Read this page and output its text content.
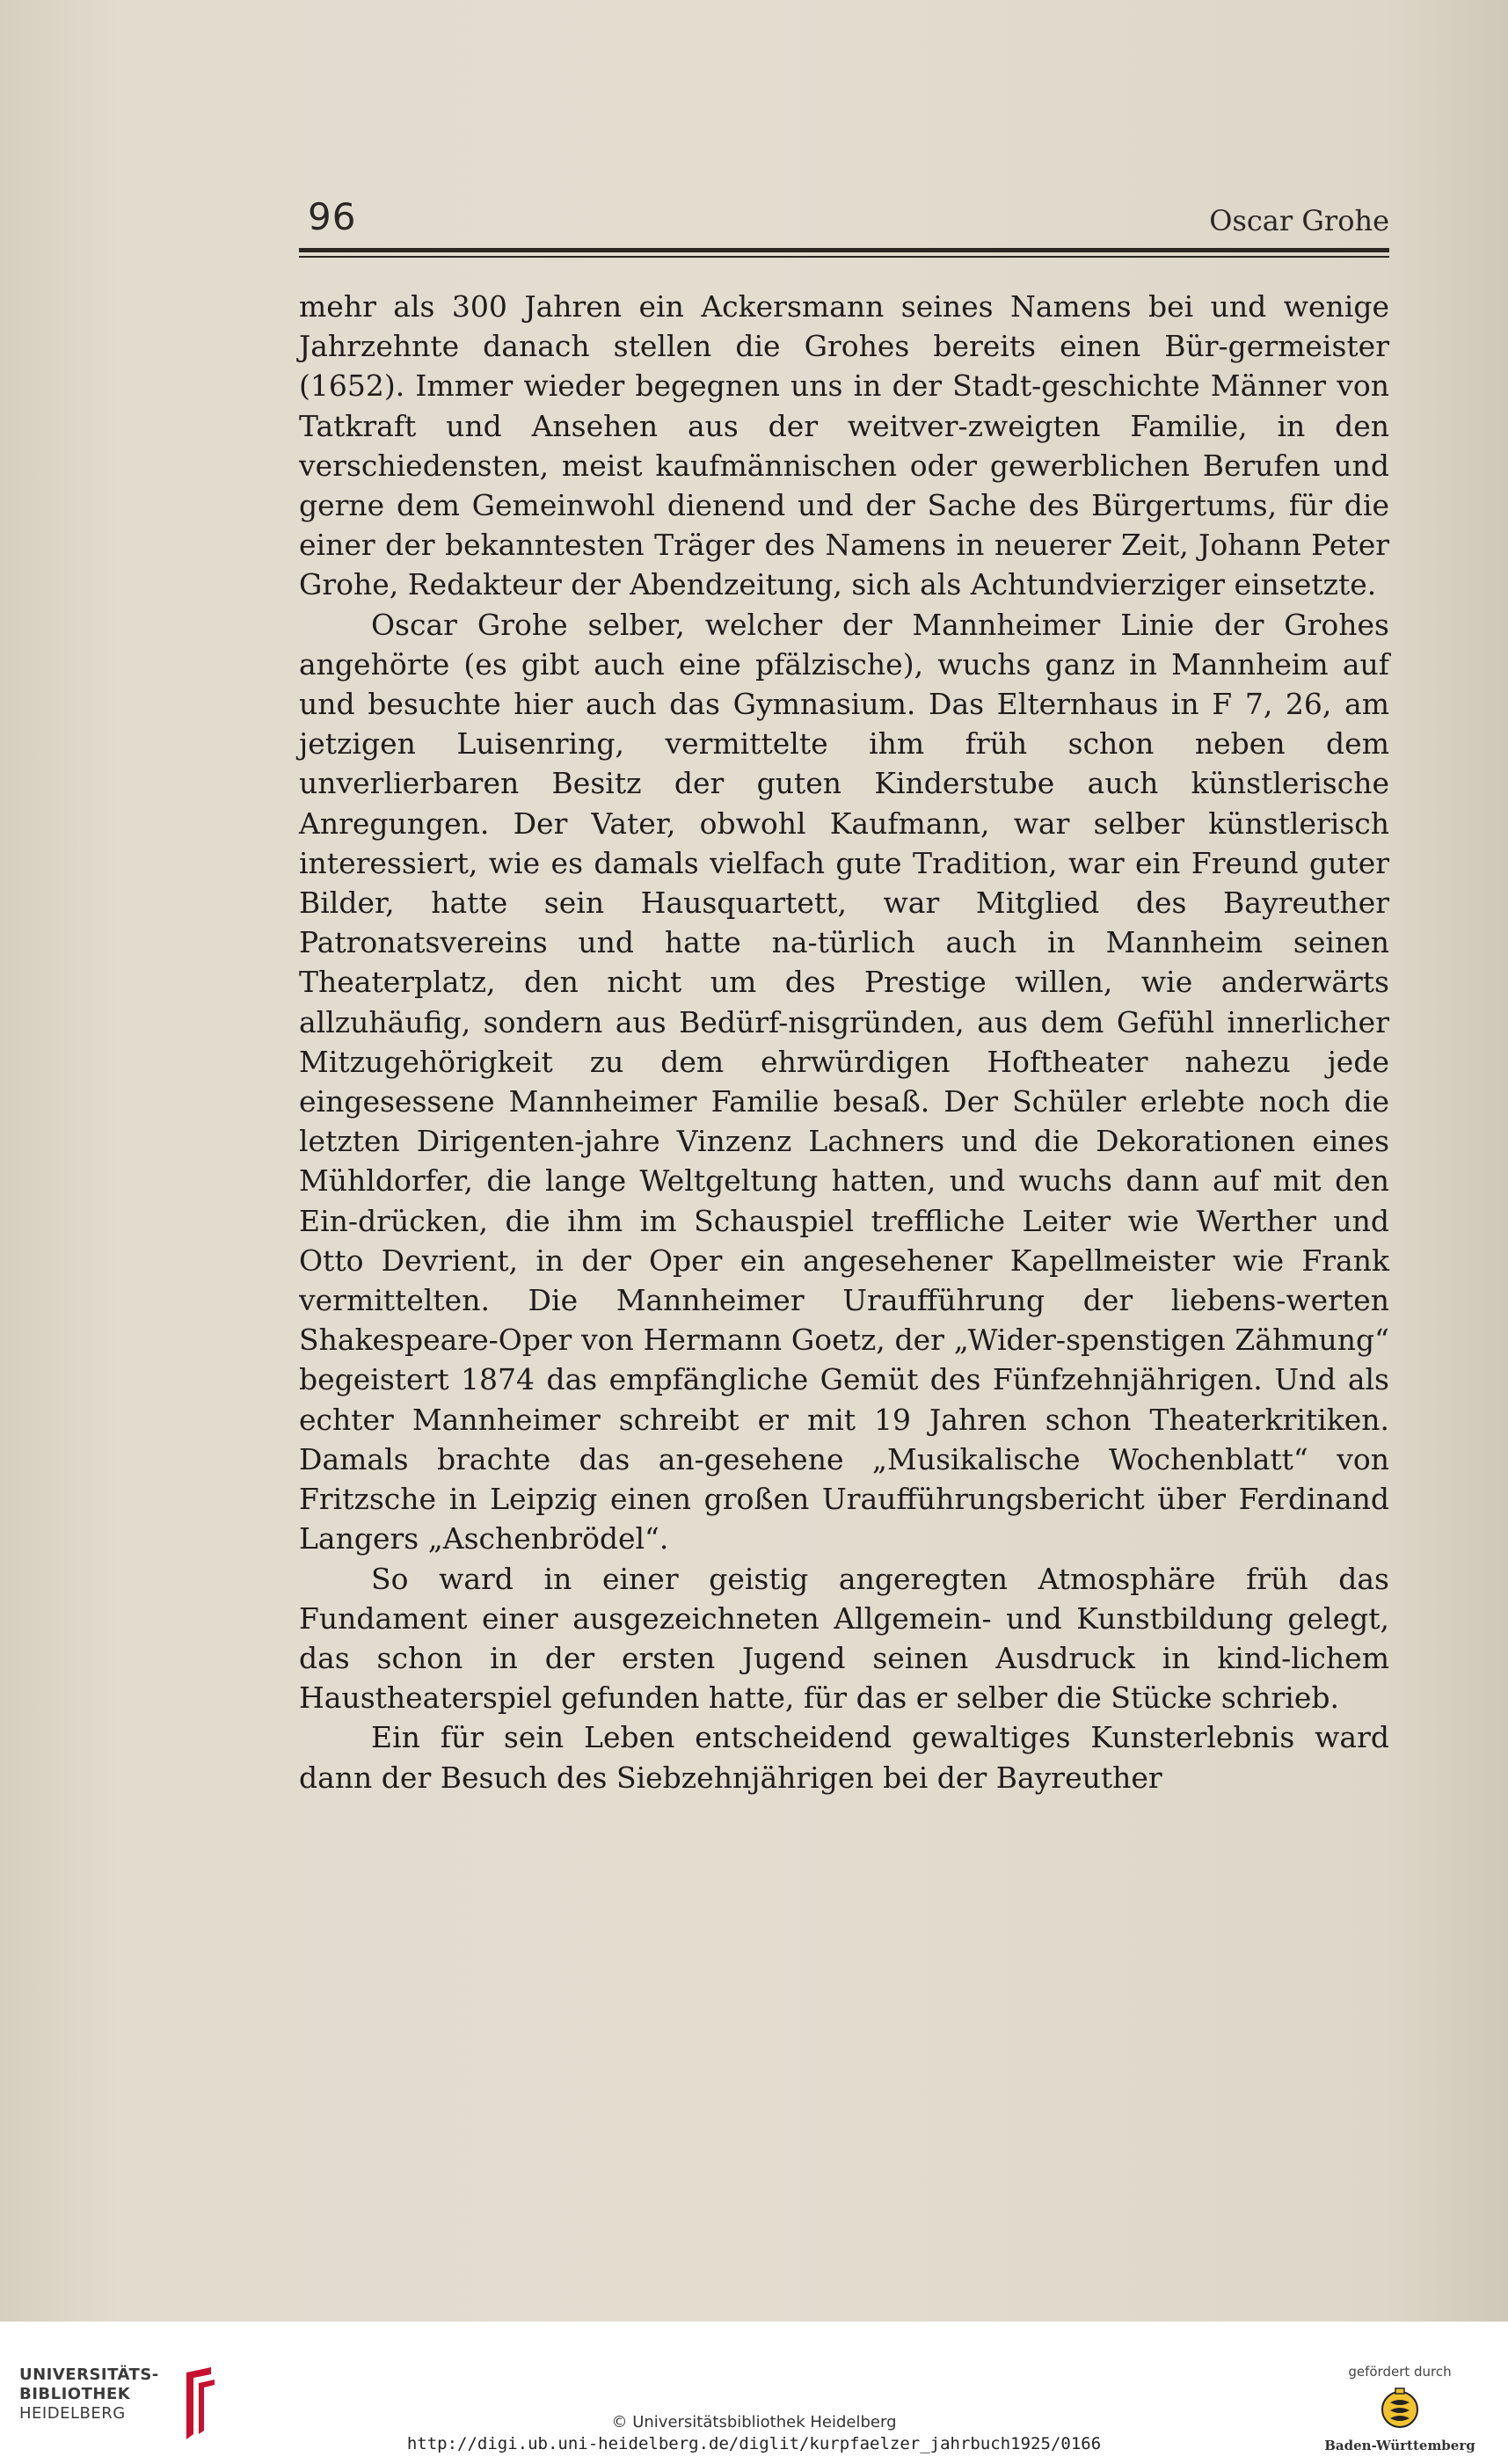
96	Oscar Grohe

mehr als 300 Jahren ein Ackersmann seines Namens bei und wenige Jahrzehnte danach stellen die Grohes bereits einen Bür-germeister (1652). Immer wieder begegnen uns in der Stadt-geschichte Männer von Tatkraft und Ansehen aus der weitver-zweigten Familie, in den verschiedensten, meist kaufmännischen oder gewerblichen Berufen und gerne dem Gemeinwohl dienend und der Sache des Bürgertums, für die einer der bekanntesten Träger des Namens in neuerer Zeit, Johann Peter Grohe, Redakteur der Abendzeitung, sich als Achtundvierziger einsetzte.

Oscar Grohe selber, welcher der Mannheimer Linie der Grohes angehörte (es gibt auch eine pfälzische), wuchs ganz in Mannheim auf und besuchte hier auch das Gymnasium. Das Elternhaus in F 7, 26, am jetzigen Luisenring, vermittelte ihm früh schon neben dem unverlierbaren Besitz der guten Kinderstube auch künstlerische Anregungen. Der Vater, obwohl Kaufmann, war selber künstlerisch interessiert, wie es damals vielfach gute Tradition, war ein Freund guter Bilder, hatte sein Hausquartett, war Mitglied des Bayreuther Patronatsvereins und hatte na-türlich auch in Mannheim seinen Theaterplatz, den nicht um des Prestige willen, wie anderwärts allzuhäufig, sondern aus Bedürf-nisgründen, aus dem Gefühl innerlicher Mitzugehörigkeit zu dem ehrwürdigen Hoftheater nahezu jede eingesessene Mannheimer Familie besaß. Der Schüler erlebte noch die letzten Dirigenten-jahre Vinzenz Lachners und die Dekorationen eines Mühldorfer, die lange Weltgeltung hatten, und wuchs dann auf mit den Ein-drücken, die ihm im Schauspiel treffliche Leiter wie Werther und Otto Devrient, in der Oper ein angesehener Kapellmeister wie Frank vermittelten. Die Mannheimer Uraufführung der liebens-werten Shakespeare-Oper von Hermann Goetz, der „Wider-spenstigen Zähmung“ begeistert 1874 das empfängliche Gemüt des Fünfzehnjährigen. Und als echter Mannheimer schreibt er mit 19 Jahren schon Theaterkritiken. Damals brachte das an-gesehene „Musikalische Wochenblatt“ von Fritzsche in Leipzig einen großen Uraufführungsbericht über Ferdinand Langers „Aschenbrödel“.

So ward in einer geistig angeregten Atmosphäre früh das Fundament einer ausgezeichneten Allgemein- und Kunstbildung gelegt, das schon in der ersten Jugend seinen Ausdruck in kind-lichem Haustheaterspiel gefunden hatte, für das er selber die Stücke schrieb.

Ein für sein Leben entscheidend gewaltiges Kunsterlebnis ward dann der Besuch des Siebzehnjährigen bei der Bayreuther

UNIVERSITÄTS-
BIBLIOTHEK
HEIDELBERG	© Universitätsbibliothek Heidelberg
http://digi.ub.uni-heidelberg.de/diglit/kurpfaelzer_jahrbuch1925/0166
gefördert durch
Baden-Württemberg
